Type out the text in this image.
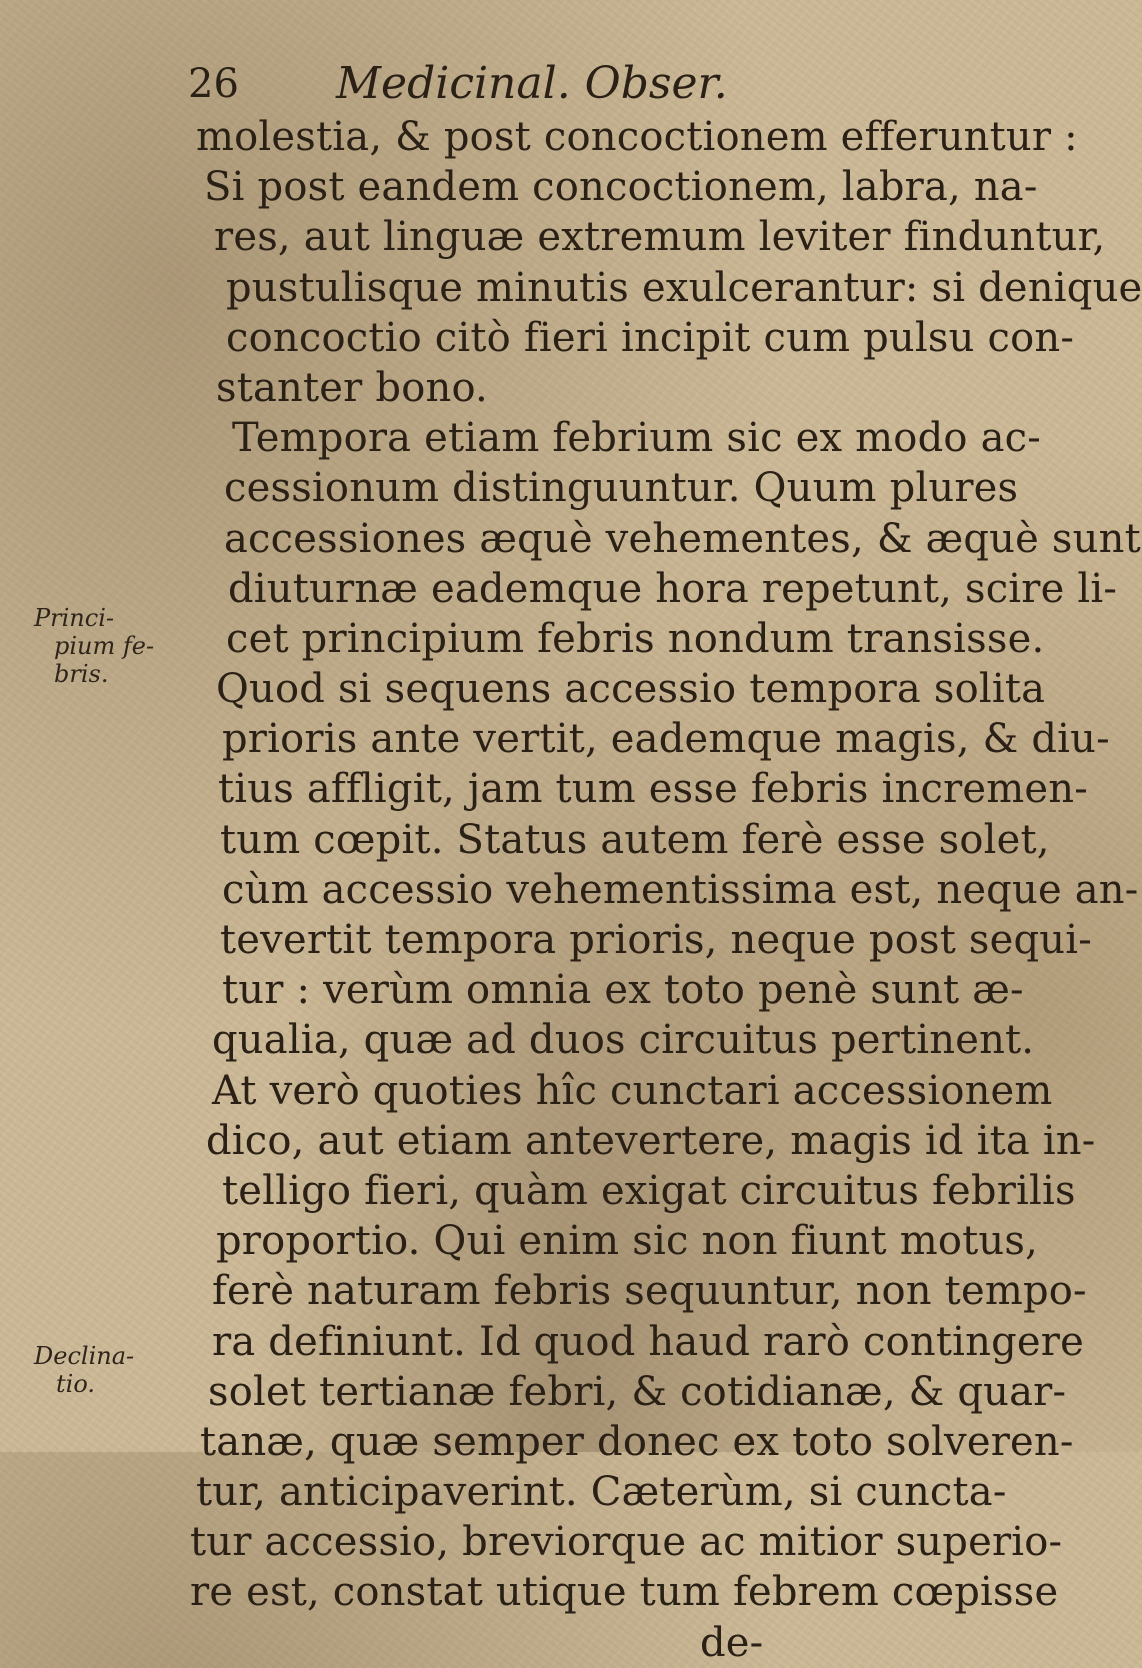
26 Medicinal. Obser.
molestia, & post concoctionem efferuntur :
Si post eandem concoctionem, labra, na-
res, aut linguæ extremum leviter finduntur,
pustulisque minutis exulcerantur: si denique
concoctio citò fieri incipit cum pulsu con-
stanter bono.
Tempora etiam febrium sic ex modo ac-
cessionum distinguuntur. Quum plures
accessiones æquè vehementes, & æquè sunt
diuturnæ eademque hora repetunt, scire li-
cet principium febris nondum transisse.
Quod si sequens accessio tempora solita
prioris ante vertit, eademque magis, & diu-
tius affligit, jam tum esse febris incremen-
tum cœpit. Status autem ferè esse solet,
cùm accessio vehementissima est, neque an-
tevertit tempora prioris, neque post sequi-
tur : verùm omnia ex toto penè sunt æ-
qualia, quæ ad duos circuitus pertinent.
At verò quoties hîc cunctari accessionem
dico, aut etiam antevertere, magis id ita in-
telligo fieri, quàm exigat circuitus febrilis
proportio. Qui enim sic non fiunt motus,
ferè naturam febris sequuntur, non tempo-
ra definiunt. Id quod haud rarò contingere
solet tertianæ febri, & cotidianæ, & quar-
tanæ, quæ semper donec ex toto solveren-
tur, anticipaverint. Cæterùm, si cuncta-
tur accessio, breviorque ac mitior superio-
re est, constat utique tum febrem cœpisse
de-
Princi-
pium fe-
bris.
Declina-
tio.
